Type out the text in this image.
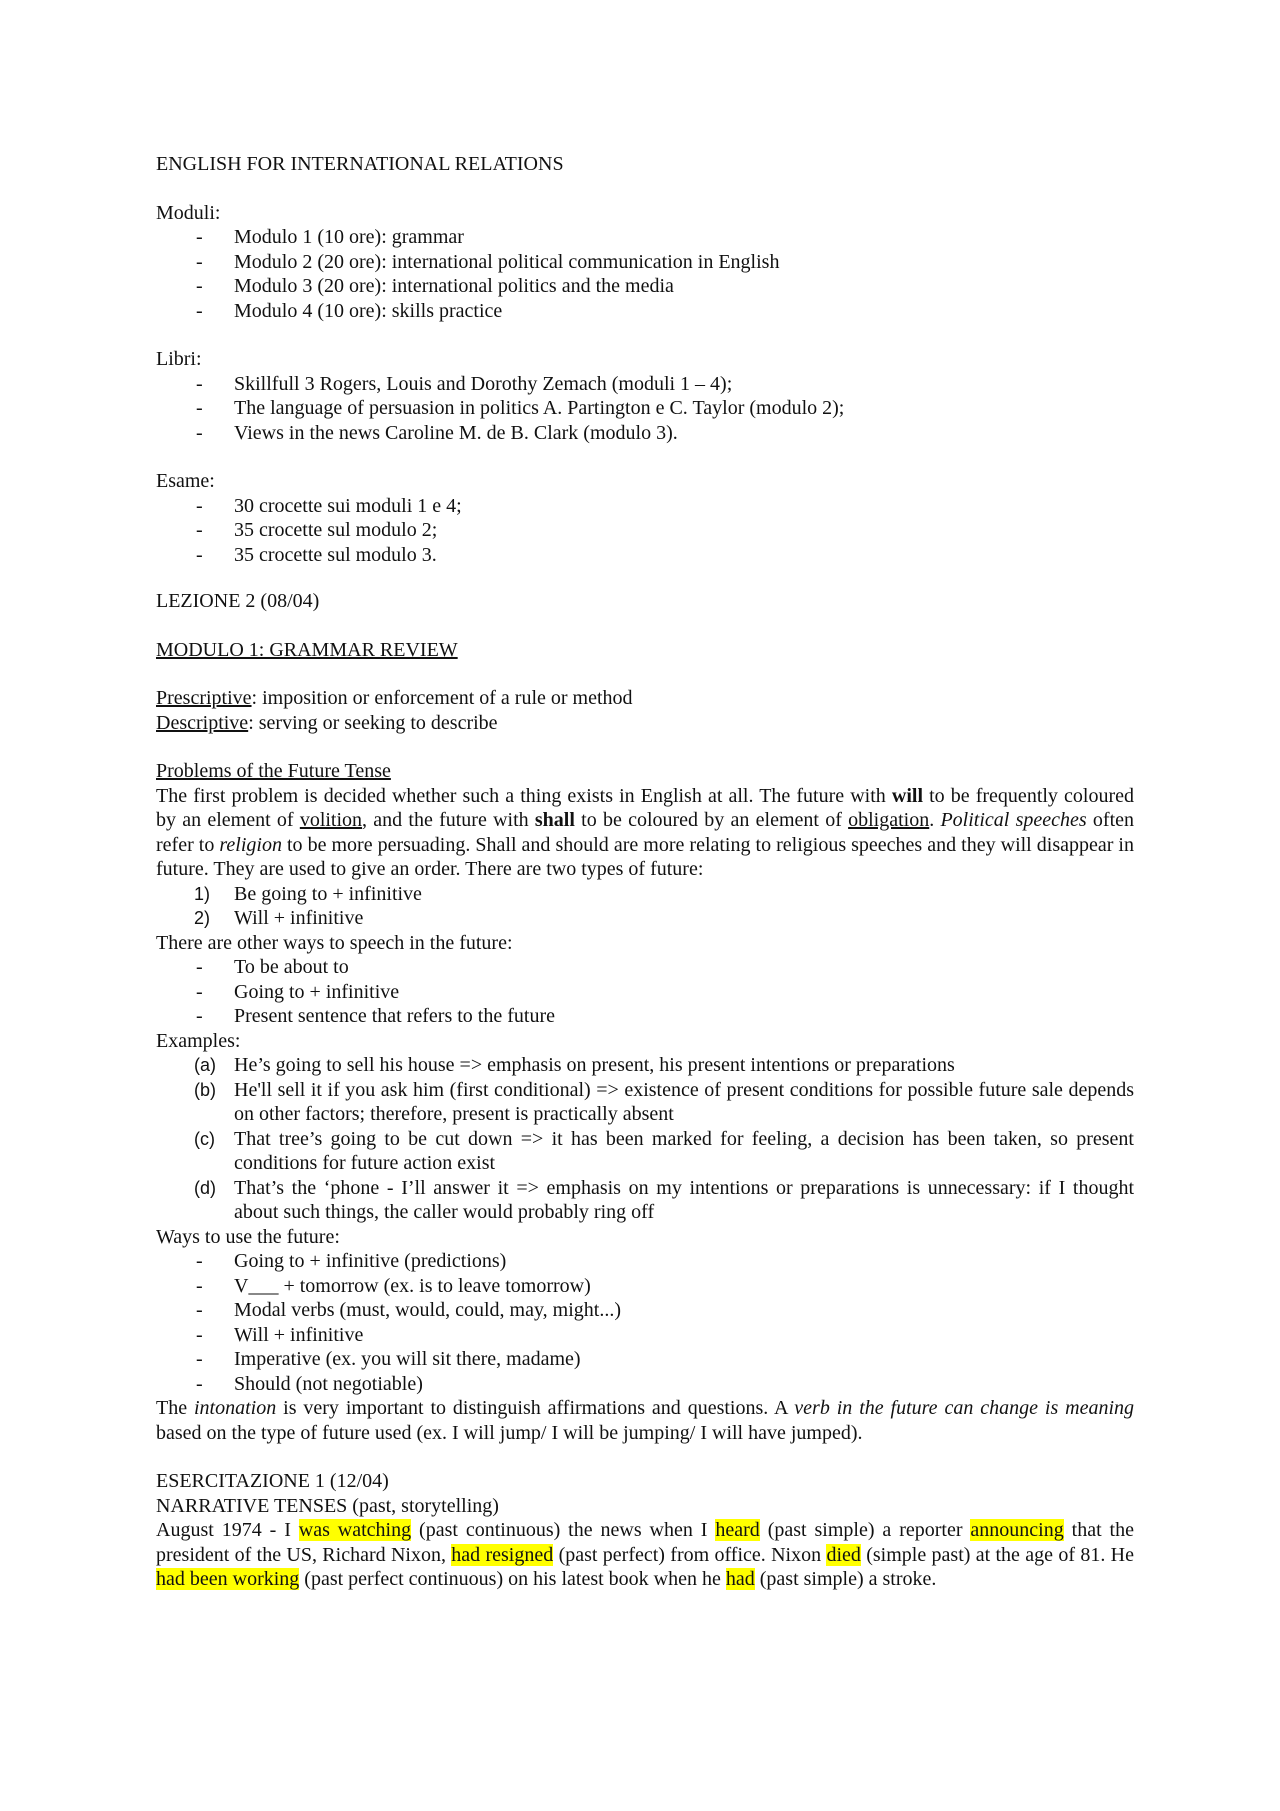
ENGLISH FOR INTERNATIONAL RELATIONS

Moduli:

- Modulo 1 (10 ore): grammar
- Modulo 2 (20 ore): international political communication in English
- Modulo 3 (20 ore): international politics and the media
- Modulo 4 (10 ore): skills practice

Libri:

- Skillfull 3 Rogers, Louis and Dorothy Zemach (moduli 1 – 4);
- The language of persuasion in politics A. Partington e C. Taylor (modulo 2);
- Views in the news Caroline M. de B. Clark (modulo 3).

Esame:

- 30 crocette sui moduli 1 e 4;
- 35 crocette sul modulo 2;
- 35 crocette sul modulo 3.

LEZIONE 2 (08/04)

MODULO 1: GRAMMAR REVIEW

Prescriptive: imposition or enforcement of a rule or method

Descriptive: serving or seeking to describe

Problems of the Future Tense

The first problem is decided whether such a thing exists in English at all. The future with will to be frequently coloured by an element of volition, and the future with shall to be coloured by an element of obligation. Political speeches often refer to religion to be more persuading. Shall and should are more relating to religious speeches and they will disappear in future. They are used to give an order. There are two types of future:

1) Be going to + infinitive
2) Will + infinitive

There are other ways to speech in the future:

- To be about to
- Going to + infinitive
- Present sentence that refers to the future

Examples:

(a) He’s going to sell his house => emphasis on present, his present intentions or preparations
(b) He'll sell it if you ask him (first conditional) => existence of present conditions for possible future sale depends on other factors; therefore, present is practically absent
(c) That tree’s going to be cut down => it has been marked for feeling, a decision has been taken, so present conditions for future action exist
(d) That’s the ‘phone - I’ll answer it => emphasis on my intentions or preparations is unnecessary: if I thought about such things, the caller would probably ring off

Ways to use the future:

- Going to + infinitive (predictions)
- V___ + tomorrow (ex. is to leave tomorrow)
- Modal verbs (must, would, could, may, might...)
- Will + infinitive
- Imperative (ex. you will sit there, madame)
- Should (not negotiable)

The intonation is very important to distinguish affirmations and questions. A verb in the future can change is meaning based on the type of future used (ex. I will jump/ I will be jumping/ I will have jumped).

ESERCITAZIONE 1 (12/04)

NARRATIVE TENSES (past, storytelling)

August 1974 - I was watching (past continuous) the news when I heard (past simple) a reporter announcing that the president of the US, Richard Nixon, had resigned (past perfect) from office. Nixon died (simple past) at the age of 81. He had been working (past perfect continuous) on his latest book when he had (past simple) a stroke.
